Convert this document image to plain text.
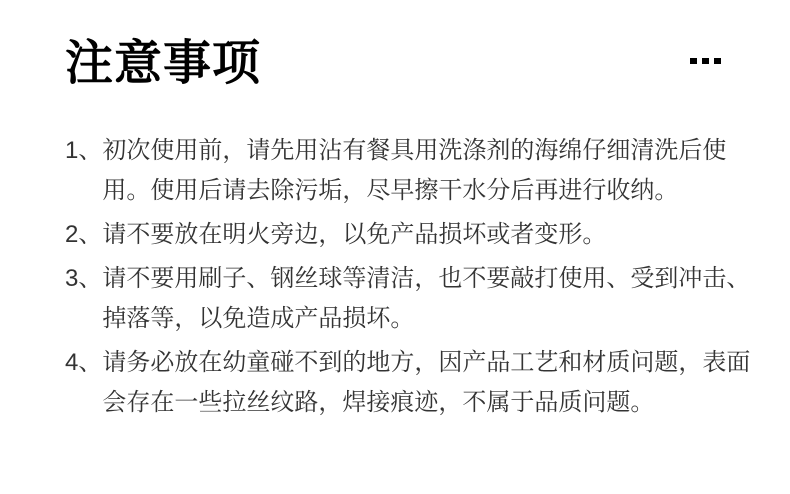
注意事项
1、 初次使用前，请先用沾有餐具用洗涤剂的海绵仔细清洗后使用。使用后请去除污垢，尽早擦干水分后再进行收纳。
2、 请不要放在明火旁边，以免产品损坏或者变形。
3、 请不要用刷子、钢丝球等清洁，也不要敲打使用、受到冲击、掉落等，以免造成产品损坏。
4、 请务必放在幼童碰不到的地方，因产品工艺和材质问题，表面会存在一些拉丝纹路，焊接痕迹，不属于品质问题。
